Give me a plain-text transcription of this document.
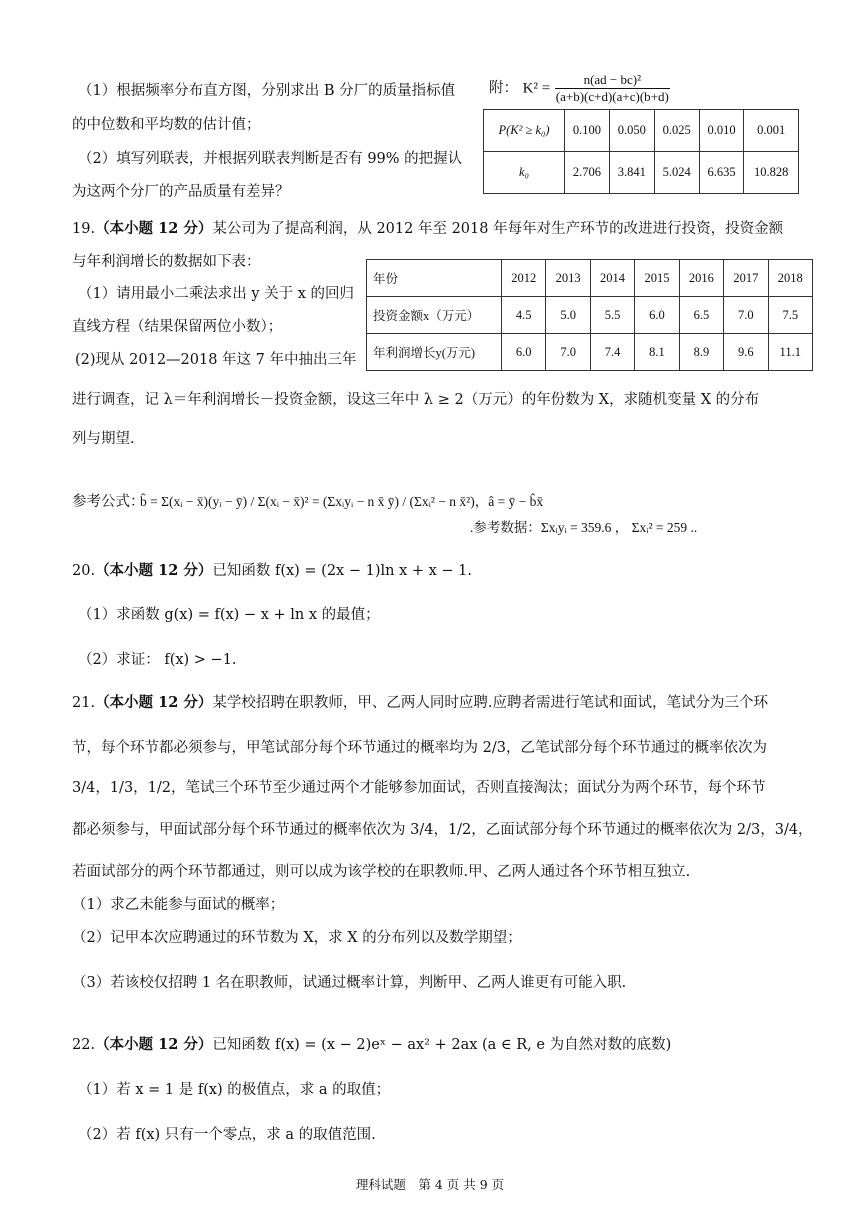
（1）根据频率分布直方图，分别求出 B 分厂的质量指标值
的中位数和平均数的估计值；
（2）填写列联表，并根据列联表判断是否有 99% 的把握认
为这两个分厂的产品质量有差异？
附： $K^2 = \frac{\text{n(ad − bc)²}}{(a+b)(c+d)(a+c)(b+d)}$
P(K² ≥ k₀)	0.100	0.050	0.025	0.010	0.001
k₀	2.706	3.841	5.024	6.635	10.828
19.（本小题 12 分）某公司为了提高利润，从 2012 年至 2018 年每年对生产环节的改进进行投资，投资金额
与年利润增长的数据如下表：
（1）请用最小二乘法求出 y 关于 x 的回归
直线方程（结果保留两位小数）；
(2)现从 2012—2018 年这 7 年中抽出三年
进行调查，记 λ＝年利润增长－投资金额，设这三年中 λ ≥ 2（万元）的年份数为 X，求随机变量 X 的分布
列与期望.
年份	2012	2013	2014	2015	2016	2017	2018
投资金额x（万元）	4.5	5.0	5.5	6.0	6.5	7.0	7.5
年利润增长y(万元)	6.0	7.0	7.4	8.1	8.9	9.6	11.1
参考公式：
b̂ = Σ(xᵢ − x̄)(yᵢ − ȳ) / Σ(xᵢ − x̄)² = (Σxᵢyᵢ − n x̄ ȳ) / (Σxᵢ² − n x̄²)，â = ȳ − b̂x̄
.参考数据：Σxᵢyᵢ = 359.6 ， Σxᵢ² = 259 ..
20.（本小题 12 分）已知函数 f(x) = (2x − 1)ln x + x − 1.
（1）求函数 g(x) = f(x) − x + ln x 的最值；
（2）求证： f(x) > −1.
21.（本小题 12 分）某学校招聘在职教师，甲、乙两人同时应聘.应聘者需进行笔试和面试，笔试分为三个环
节，每个环节都必须参与，甲笔试部分每个环节通过的概率均为 2/3，乙笔试部分每个环节通过的概率依次为
3/4，1/3，1/2，笔试三个环节至少通过两个才能够参加面试，否则直接淘汰；面试分为两个环节，每个环节
都必须参与，甲面试部分每个环节通过的概率依次为 3/4，1/2，乙面试部分每个环节通过的概率依次为 2/3，3/4，
若面试部分的两个环节都通过，则可以成为该学校的在职教师.甲、乙两人通过各个环节相互独立.
（1）求乙未能参与面试的概率；
（2）记甲本次应聘通过的环节数为 X，求 X 的分布列以及数学期望；
（3）若该校仅招聘 1 名在职教师，试通过概率计算，判断甲、乙两人谁更有可能入职.
22.（本小题 12 分）已知函数 f(x) = (x − 2)eˣ − ax² + 2ax (a ∈ R, e 为自然对数的底数)
（1）若 x = 1 是 f(x) 的极值点，求 a 的取值；
（2）若 f(x) 只有一个零点，求 a 的取值范围.
理科试题　第 4 页 共 9 页
